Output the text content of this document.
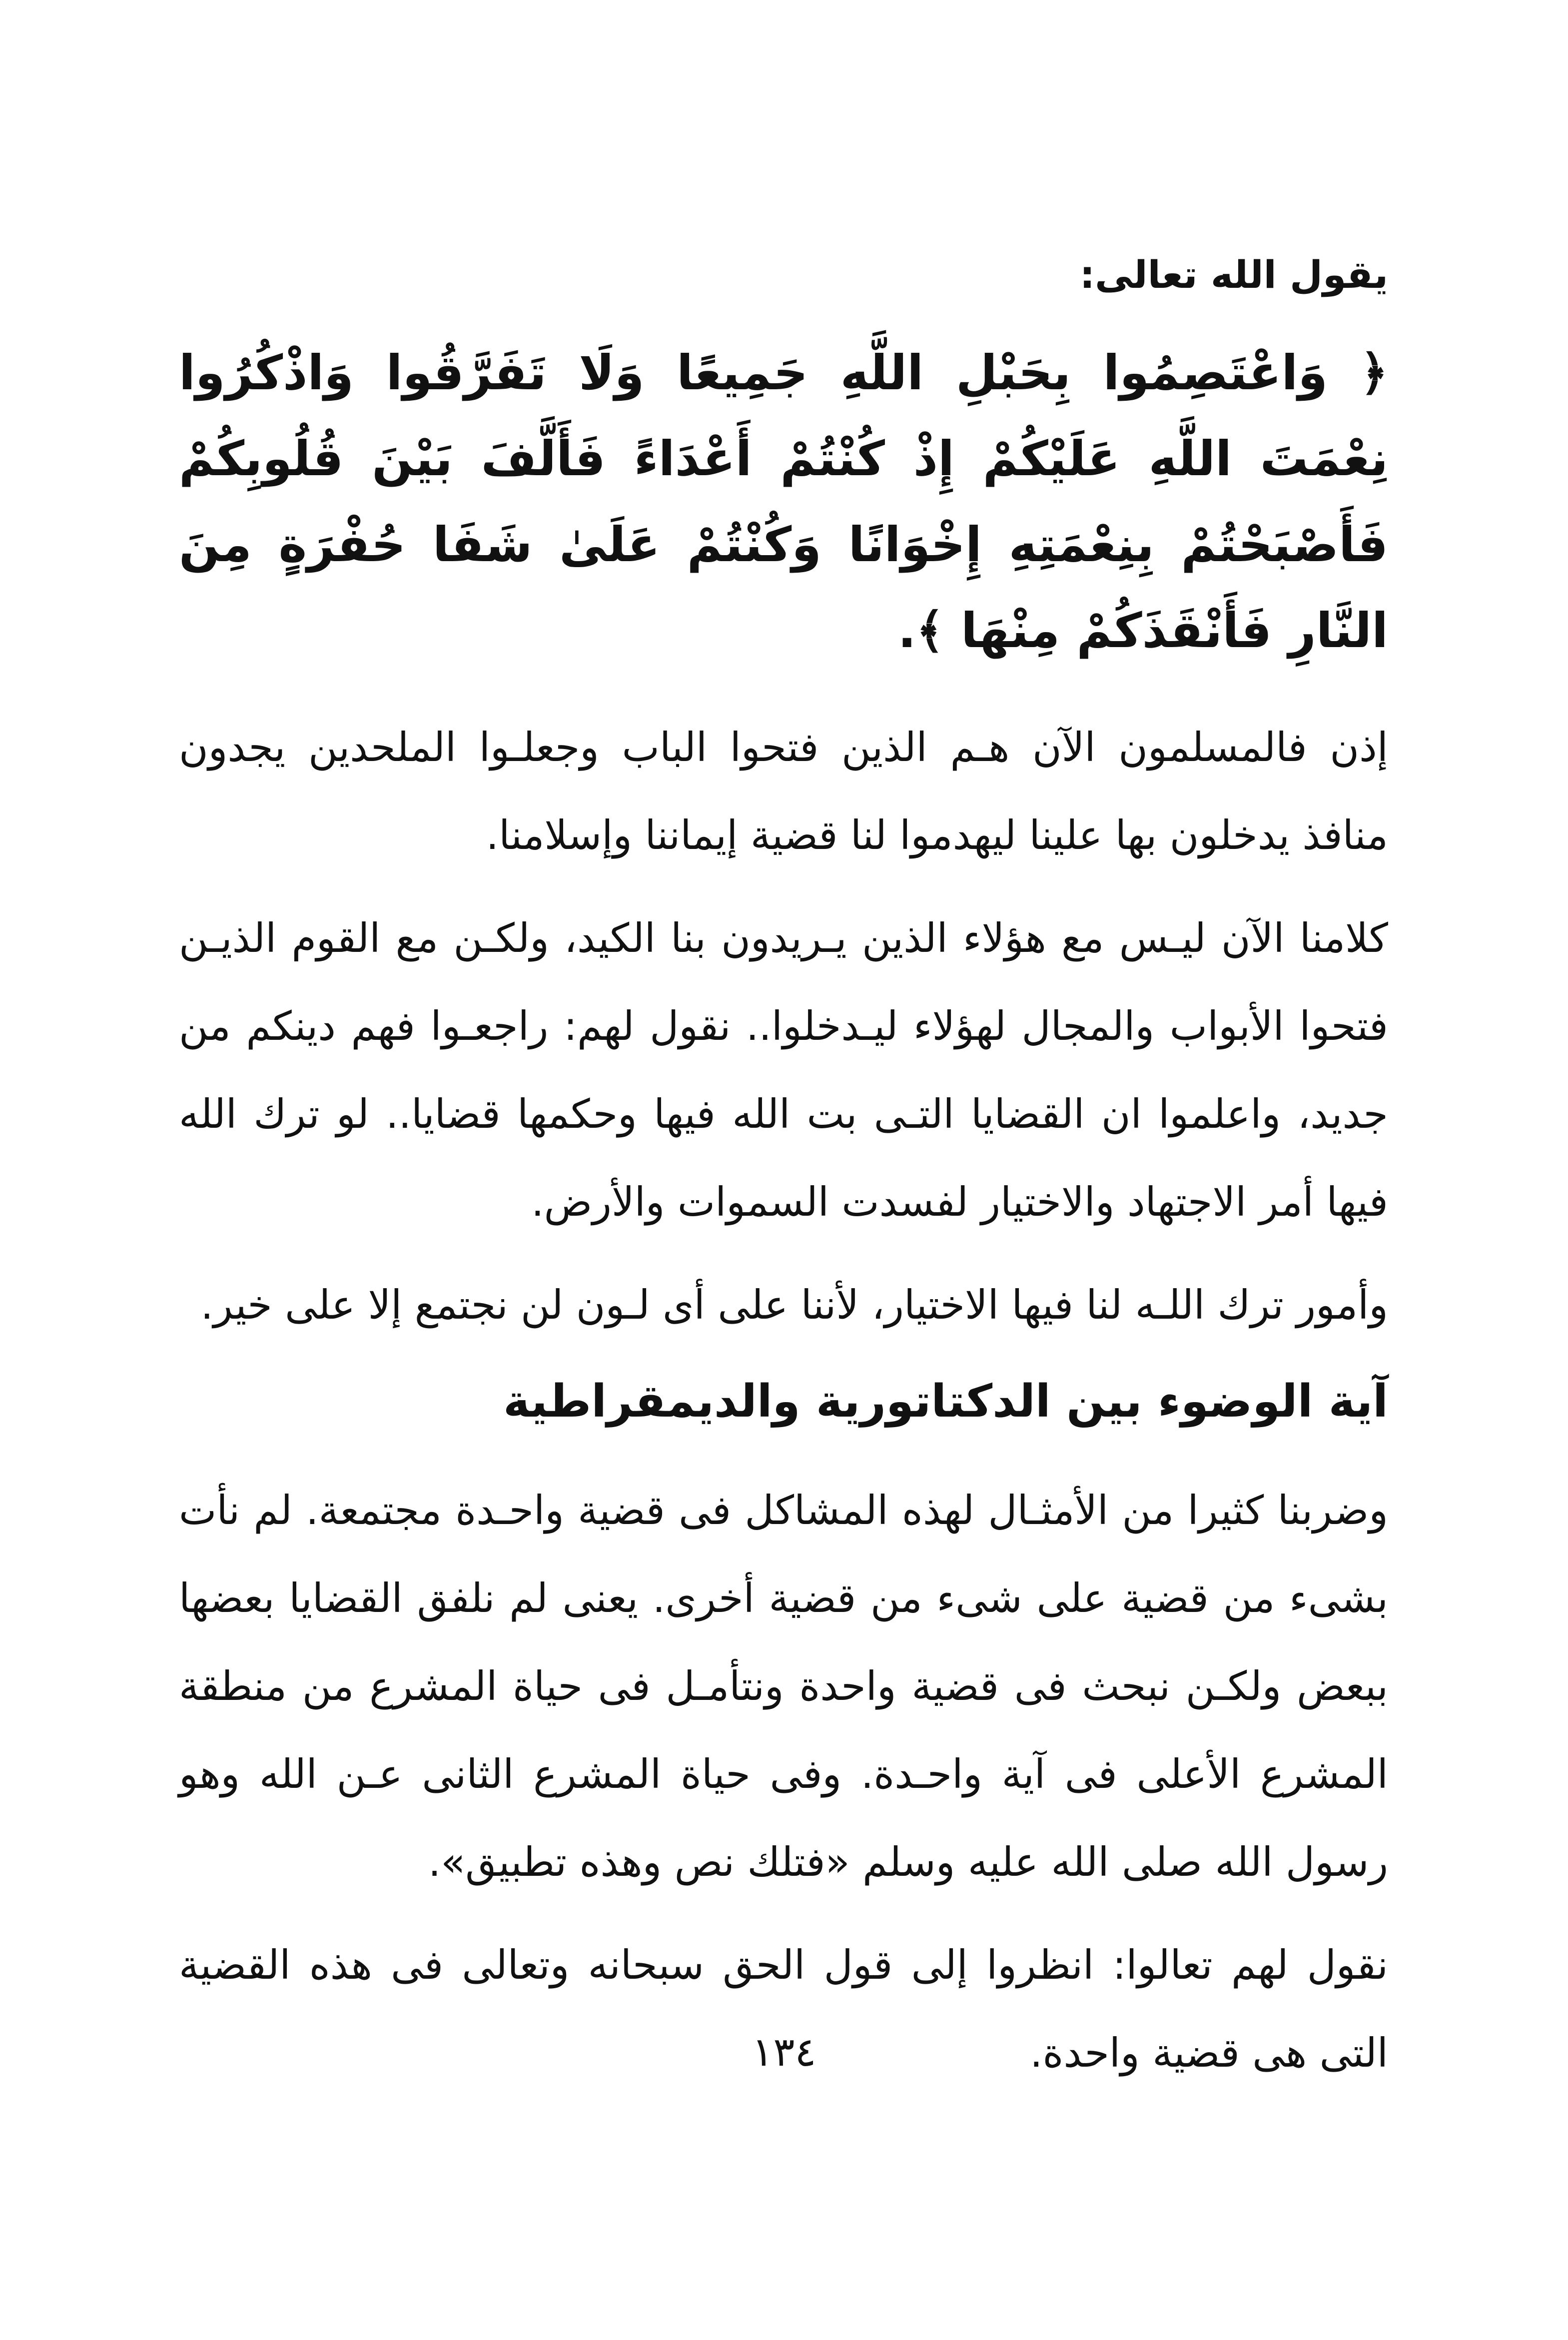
يقول الله تعالى:

﴿ وَاعْتَصِمُوا بِحَبْلِ اللَّهِ جَمِيعًا وَلَا تَفَرَّقُوا وَاذْكُرُوا نِعْمَتَ اللَّهِ عَلَيْكُمْ إِذْ كُنْتُمْ أَعْدَاءً فَأَلَّفَ بَيْنَ قُلُوبِكُمْ فَأَصْبَحْتُمْ بِنِعْمَتِهِ إِخْوَانًا وَكُنْتُمْ عَلَىٰ شَفَا حُفْرَةٍ مِنَ النَّارِ فَأَنْقَذَكُمْ مِنْهَا ﴾.

إذن فالمسلمون الآن هـم الذين فتحوا الباب وجعلـوا الملحدين يجدون منافذ يدخلون بها علينا ليهدموا لنا قضية إيماننا وإسلامنا.

كلامنا الآن ليـس مع هؤلاء الذين يـريدون بنا الكيد، ولكـن مع القوم الذيـن فتحوا الأبواب والمجال لهؤلاء ليـدخلوا.. نقول لهم: راجعـوا فهم دينكم من جديد، واعلموا ان القضايا التـى بت الله فيها وحكمها قضايا.. لو ترك الله فيها أمر الاجتهاد والاختيار لفسدت السموات والأرض.

وأمور ترك اللـه لنا فيها الاختيار، لأننا على أى لـون لن نجتمع إلا على خير.

آية الوضوء بين الدكتاتورية والديمقراطية

وضربنا كثيرا من الأمثـال لهذه المشاكل فى قضية واحـدة مجتمعة. لم نأت بشىء من قضية على شىء من قضية أخرى. يعنى لم نلفق القضايا بعضها ببعض ولكـن نبحث فى قضية واحدة ونتأمـل فى حياة المشرع من منطقة المشرع الأعلى فى آية واحـدة. وفى حياة المشرع الثانى عـن الله وهو رسول الله صلى الله عليه وسلم «فتلك نص وهذه تطبيق».

نقول لهم تعالوا: انظروا إلى قول الحق سبحانه وتعالى فى هذه القضية التى هى قضية واحدة.

١٣٤
